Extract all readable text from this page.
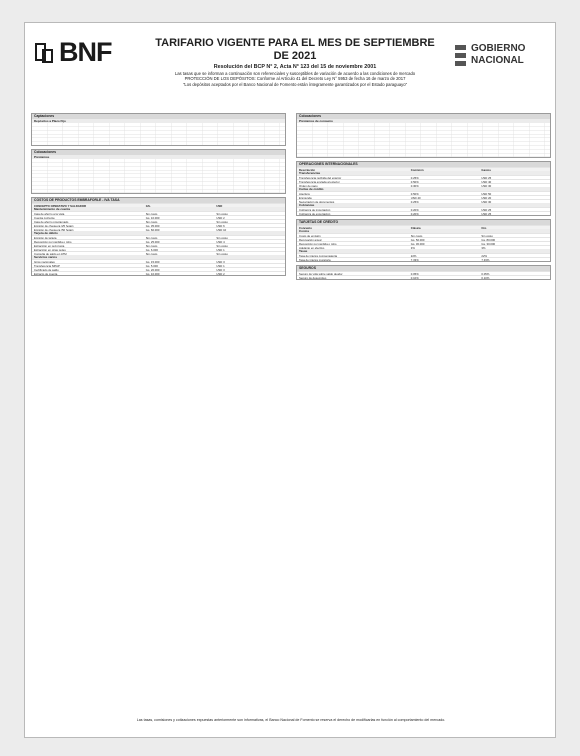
BNF	TARIFARIO VIGENTE PARA EL MES DE SEPTIEMBRE DE 2021
Resolución del BCP N° 2, Acta N° 123 del 15 de noviembre 2001
Las tasas que se informan a continuación son referenciales y susceptibles de variación de acuerdo a las condiciones de mercado
PROTECCIÓN DE LOS DEPÓSITOS: Conforme al Artículo 41 del Decreto Ley N° 5953 de fecha 16 de marzo de 2017
"Los depósitos aceptados por el Banco Nacional de Fomento están íntegramente garantizados por el Estado paraguayo"
GOBIERNO
NACIONAL
Captaciones
Depósitos a Plazo Fijo
Colocaciones
Préstamos
COSTOS DE PRODUCTOS EMBRAFORLE - IVA TASA
CONCEPTO OPERATIVO Y SALDADOR	GS.	USD
Mantenimiento de cuenta
Caja de ahorro a la vista	Sin costo	Sin costo
Cuenta corriente	Gs. 10.000	USD 2
Caja de ahorro programado	Sin costo	Sin costo
Emisión de chequera (25 hojas)	Gs. 35.000	USD 6
Emisión de chequera (50 hojas)	Gs. 60.000	USD 10
Tarjeta de débito
Emisión de tarjeta	Sin costo	Sin costo
Reposición por pérdida o robo	Gs. 25.000	USD 4
Extracción en red propia	Sin costo	Sin costo
Extracción en otras redes	Gs. 6.000	USD 1
Consulta de saldo en ATM	Sin costo	Sin costo
Servicios varios
Giros nacionales	Gs. 15.000	USD 3
Transferencia SIPAP	Gs. 5.000	USD 1
Certificado de saldo	Gs. 20.000	USD 3
Extracto de cuenta	Gs. 10.000	USD 2
Colocaciones
Préstamos de consumo
OPERACIONES INTERNACIONALES
Descripción	Comisión	Gastos
Transferencias
Transferencia recibida del exterior	0,25%	USD 25
Transferencia enviada al exterior	0,50%	USD 40
Orden de pago	0,30%	USD 30
Cartas de crédito
Apertura	0,50%	USD 50
Enmienda	USD 40	USD 20
Negociación de documentos	0,25%	USD 30
Cobranzas
Cobranza de importación	0,20%	USD 25
Cobranza de exportación	0,20%	USD 25
TARJETAS DE CRÉDITO
Concepto	Clásica	Oro
Costos
Costo de emisión	Sin costo	Sin costo
Renovación anual	Gs. 50.000	Gs. 80.000
Reposición por pérdida o robo	Gs. 30.000	Gs. 30.000
Adelanto en efectivo	3%	3%
Tasas
Tasa de interés compensatoria	22%	22%
Tasa de interés moratoria	7,33%	7,33%
SEGUROS
Seguro de vida sobre saldo deudor	0,05%	0,05%
Seguro de desempleo	0,10%	0,10%
Las tasas, comisiones y cotizaciones expuestas anteriormente son informativas, el Banco Nacional de Fomento se reserva el derecho de modificarlas en función al comportamiento del mercado.
